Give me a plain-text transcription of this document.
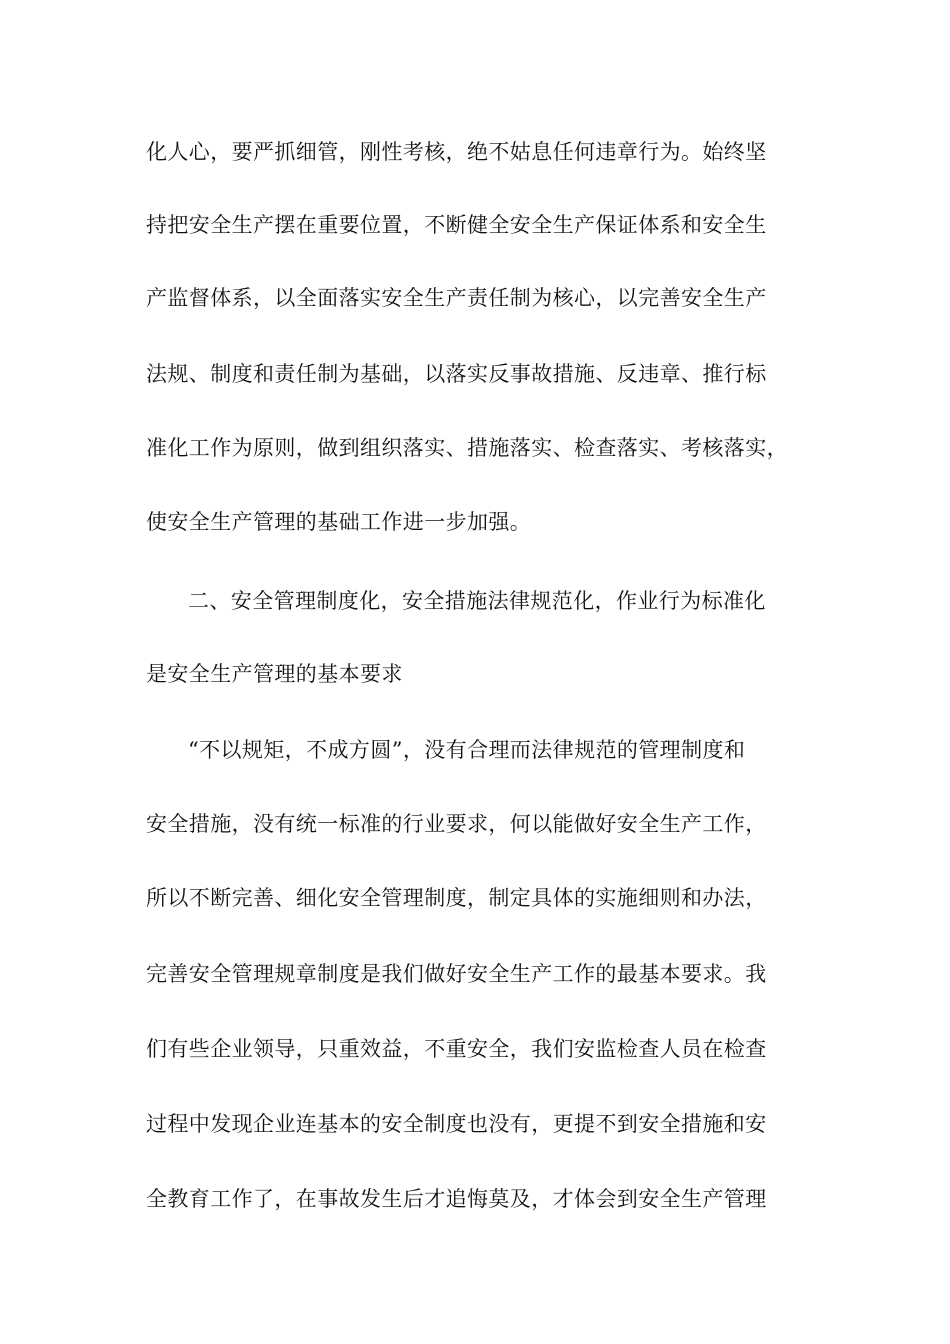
化人心，要严抓细管，刚性考核，绝不姑息任何违章行为。始终坚
持把安全生产摆在重要位置，不断健全安全生产保证体系和安全生
产监督体系，以全面落实安全生产责任制为核心，以完善安全生产
法规、制度和责任制为基础，以落实反事故措施、反违章、推行标
准化工作为原则，做到组织落实、措施落实、检查落实、考核落实，
使安全生产管理的基础工作进一步加强。
二、安全管理制度化，安全措施法律规范化，作业行为标准化
是安全生产管理的基本要求
“不以规矩，不成方圆”，没有合理而法律规范的管理制度和
安全措施，没有统一标准的行业要求，何以能做好安全生产工作，
所以不断完善、细化安全管理制度，制定具体的实施细则和办法，
完善安全管理规章制度是我们做好安全生产工作的最基本要求。我
们有些企业领导，只重效益，不重安全，我们安监检查人员在检查
过程中发现企业连基本的安全制度也没有，更提不到安全措施和安
全教育工作了，在事故发生后才追悔莫及，才体会到安全生产管理
